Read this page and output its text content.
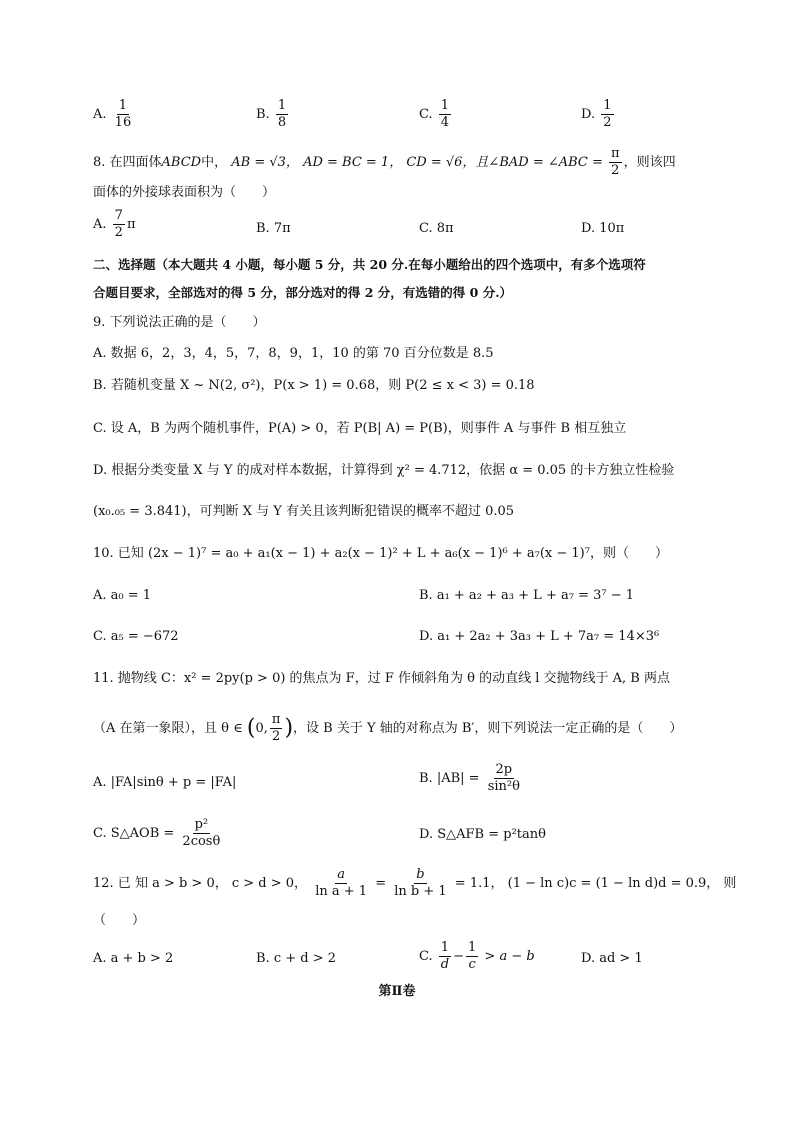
A. $\frac{1}{16}$	B. $\frac{1}{8}$	C. $\frac{1}{4}$	D. $\frac{1}{2}$
8. 在四面体ABCD中， AB = √3， AD = BC = 1， CD = √6，且∠BAD = ∠ABC = $\frac{\pi}{2}$ ，则该四
面体的外接球表面积为（　　）
A. $\frac{7}{2}$ π	B. 7π	C. 8π	D. 10π
二、选择题（本大题共 4 小题，每小题 5 分，共 20 分.在每小题给出的四个选项中，有多个选项符
合题目要求，全部选对的得 5 分，部分选对的得 2 分，有选错的得 0 分.）
9. 下列说法正确的是（　　）
A. 数据 6，2，3，4，5，7，8，9，1，10 的第 70 百分位数是 8.5
B. 若随机变量 X ~ N(2, σ²)，P(x > 1) = 0.68，则 P(2 ≤ x < 3) = 0.18
C. 设 A，B 为两个随机事件，P(A) > 0，若 P(B| A) = P(B)，则事件 A 与事件 B 相互独立
D. 根据分类变量 X 与 Y 的成对样本数据，计算得到 χ² = 4.712，依据 α = 0.05 的卡方独立性检验
(x₀.₀₅ = 3.841)，可判断 X 与 Y 有关且该判断犯错误的概率不超过 0.05
10. 已知 (2x − 1)⁷ = a₀ + a₁(x − 1) + a₂(x − 1)² + L + a₆(x − 1)⁶ + a₇(x − 1)⁷，则（　　）
A. a₀ = 1	B. a₁ + a₂ + a₃ + L + a₇ = 3⁷ − 1
C. a₅ = −672	D. a₁ + 2a₂ + 3a₃ + L + 7a₇ = 14×3⁶
11. 抛物线 C：x² = 2py(p > 0) 的焦点为 F，过 F 作倾斜角为 θ 的动直线 l 交抛物线于 A, B 两点
（A 在第一象限），且 θ ∈ (0, $\frac{\pi}{2}$ )，设 B 关于 Y 轴的对称点为 B′，则下列说法一定正确的是（　　）
A. |FA|sinθ + p = |FA|	B. $|AB| = \frac{2p}{\text{sin²θ}}$
C. S△AOB = $\frac{\text{p²}}{2\cos\theta}$	D. S△AFB = p²tanθ
12. 已 知 a > b > 0， c > d > 0， $\frac{a}{\text{ln a + 1}} = \frac{b}{\text{ln b + 1}} = 1.1$， (1 − ln c)c = (1 − ln d)d = 0.9， 则
（　　）
A. a + b > 2	B. c + d > 2	C. $\frac{1}{d} - \frac{1}{c} > a - b$	D. ad > 1
第Ⅱ卷
